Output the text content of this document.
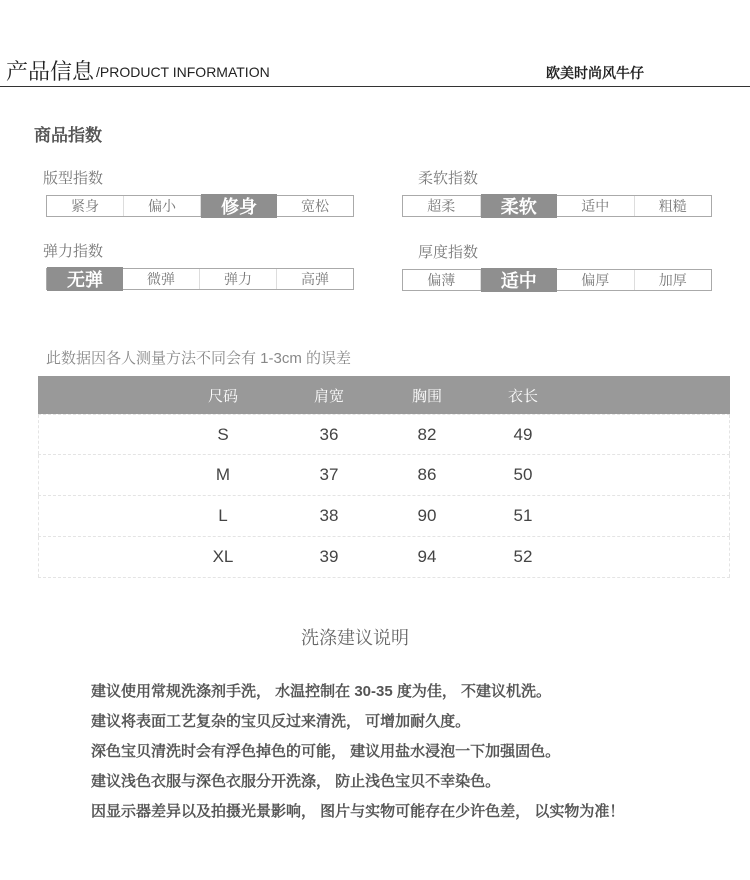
产品信息 /PRODUCT INFORMATION	欧美时尚风牛仔
商品指数
版型指数
紧身	偏小	修身	宽松
柔软指数
超柔	柔软	适中	粗糙
弹力指数
无弹	微弹	弹力	高弹
厚度指数
偏薄	适中	偏厚	加厚
此数据因各人测量方法不同会有 1-3cm 的误差
尺码	肩宽	胸围	衣长
S	36	82	49
M	37	86	50
L	38	90	51
XL	39	94	52
洗涤建议说明
建议使用常规洗涤剂手洗， 水温控制在 30-35 度为佳， 不建议机洗。
建议将表面工艺复杂的宝贝反过来清洗， 可增加耐久度。
深色宝贝清洗时会有浮色掉色的可能， 建议用盐水浸泡一下加强固色。
建议浅色衣服与深色衣服分开洗涤， 防止浅色宝贝不幸染色。
因显示器差异以及拍摄光景影响， 图片与实物可能存在少许色差， 以实物为准！
